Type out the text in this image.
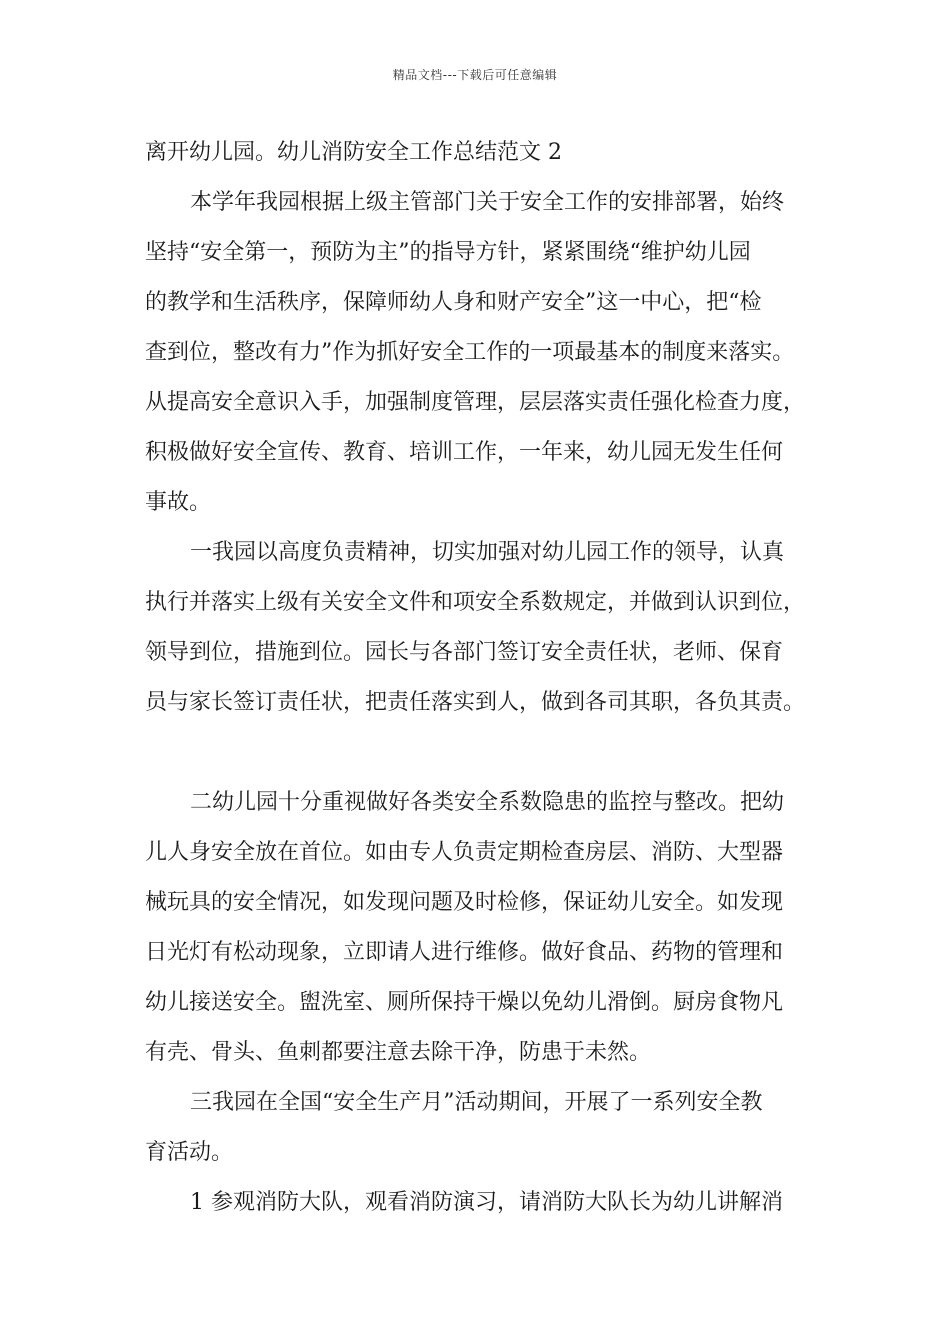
精品文档---下载后可任意编辑
离开幼儿园。幼儿消防安全工作总结范文 2
本学年我园根据上级主管部门关于安全工作的安排部署，始终
坚持“安全第一，预防为主”的指导方针，紧紧围绕“维护幼儿园
的教学和生活秩序，保障师幼人身和财产安全”这一中心，把“检
查到位，整改有力”作为抓好安全工作的一项最基本的制度来落实。
从提高安全意识入手，加强制度管理，层层落实责任强化检查力度，
积极做好安全宣传、教育、培训工作，一年来，幼儿园无发生任何
事故。
一我园以高度负责精神，切实加强对幼儿园工作的领导，认真
执行并落实上级有关安全文件和项安全系数规定，并做到认识到位，
领导到位，措施到位。园长与各部门签订安全责任状，老师、保育
员与家长签订责任状，把责任落实到人，做到各司其职，各负其责。
二幼儿园十分重视做好各类安全系数隐患的监控与整改。把幼
儿人身安全放在首位。如由专人负责定期检查房层、消防、大型器
械玩具的安全情况，如发现问题及时检修，保证幼儿安全。如发现
日光灯有松动现象，立即请人进行维修。做好食品、药物的管理和
幼儿接送安全。盥洗室、厕所保持干燥以免幼儿滑倒。厨房食物凡
有壳、骨头、鱼刺都要注意去除干净，防患于未然。
三我园在全国“安全生产月”活动期间，开展了一系列安全教
育活动。
1 参观消防大队，观看消防演习，请消防大队长为幼儿讲解消
